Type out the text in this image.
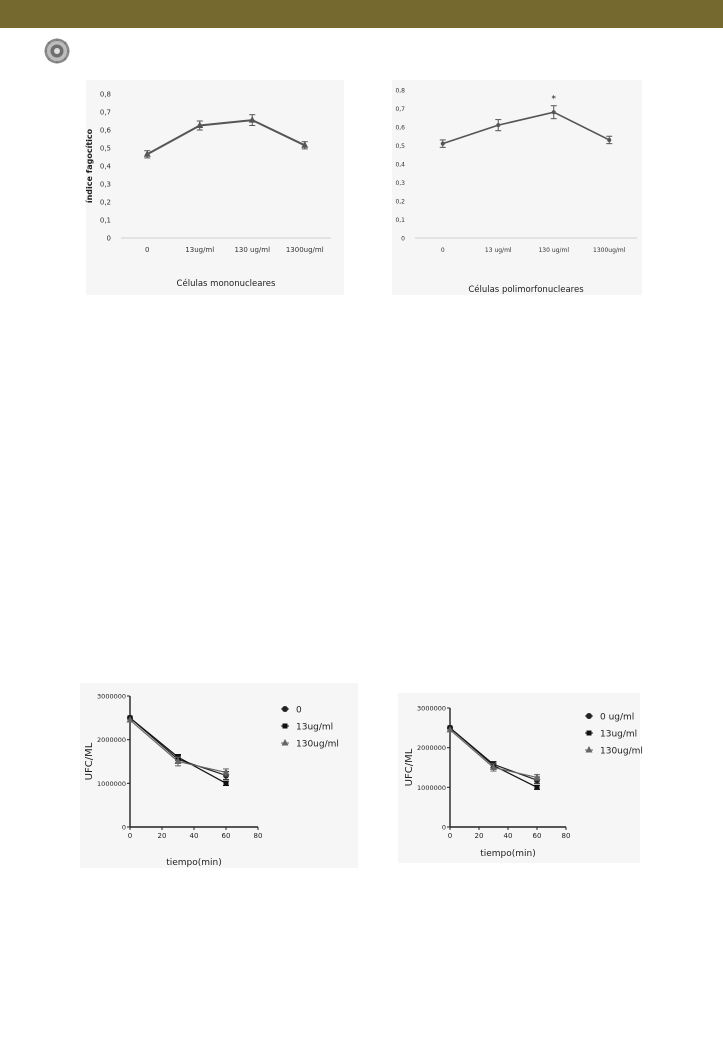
0
0,1
0,2
0,3
0,4
0,5
0,6
0,7
0,8
0	13ug/ml	130 ug/ml 1300ug/ml
Células mononucleares
índice fagocítico
0
0,1
0,2
0,3
0,4
0,5
0,6
0,7
0,8
0	13 ug/ml	130 ug/ml	1300ug/ml
*
Células polimorfonucleares
0
1000000
2000000
3000000
0	20	40	60	80
0
13ug/ml
130ug/ml
tiempo(min)
UFC/ML
0
1000000
2000000
3000000
0	20	40	60	80
0 ug/ml
13ug/ml
130ug/ml
tiempo(min)
UFC/ML
